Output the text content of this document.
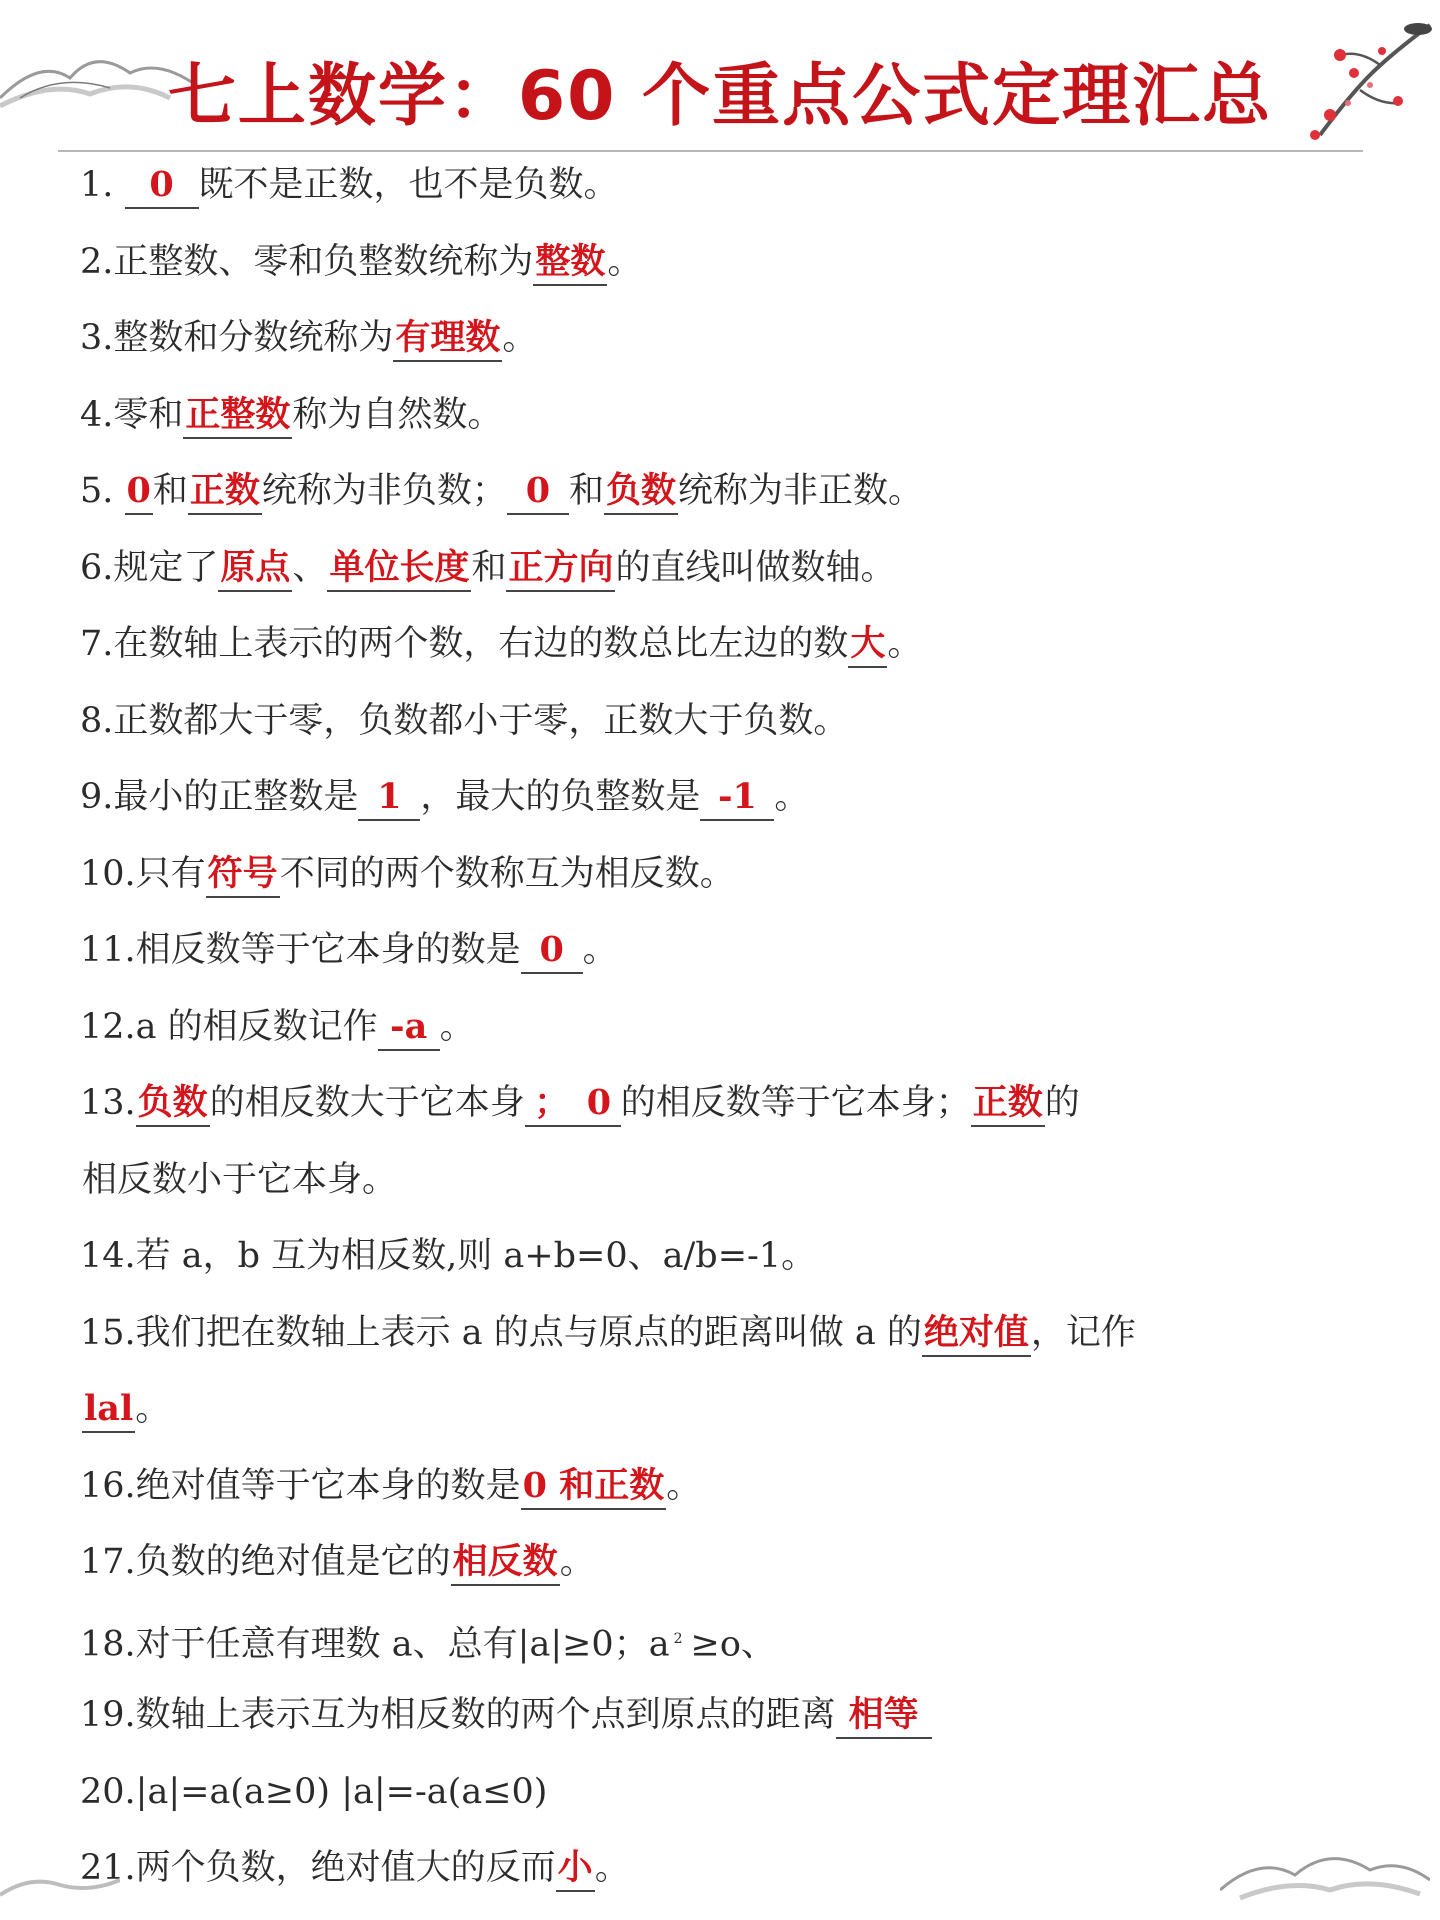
七上数学：60 个重点公式定理汇总
1. 0 既不是正数，也不是负数。
2.正整数、零和负整数统称为整数。
3.整数和分数统称为有理数。
4.零和正整数称为自然数。
5. 0和正数统称为非负数； 0 和负数统称为非正数。
6.规定了原点、单位长度和正方向的直线叫做数轴。
7.在数轴上表示的两个数，右边的数总比左边的数大。
8.正数都大于零，负数都小于零，正数大于负数。
9.最小的正整数是 1 ，最大的负整数是 -1 。
10.只有符号不同的两个数称互为相反数。
11.相反数等于它本身的数是 0 。
12.a 的相反数记作 -a 。
13.负数的相反数大于它本身 ；　0 的相反数等于它本身；正数的
相反数小于它本身。
14.若 a，b 互为相反数,则 a+b=0、a/b=-1。
15.我们把在数轴上表示 a 的点与原点的距离叫做 a 的绝对值，记作
lal。
16.绝对值等于它本身的数是0 和正数。
17.负数的绝对值是它的相反数。
18.对于任意有理数 a、总有|a|≥0；a $^2$ ≥o、
19.数轴上表示互为相反数的两个点到原点的距离 相等
20.|a|=a(a≥0) |a|=-a(a≤0)
21.两个负数，绝对值大的反而小。
